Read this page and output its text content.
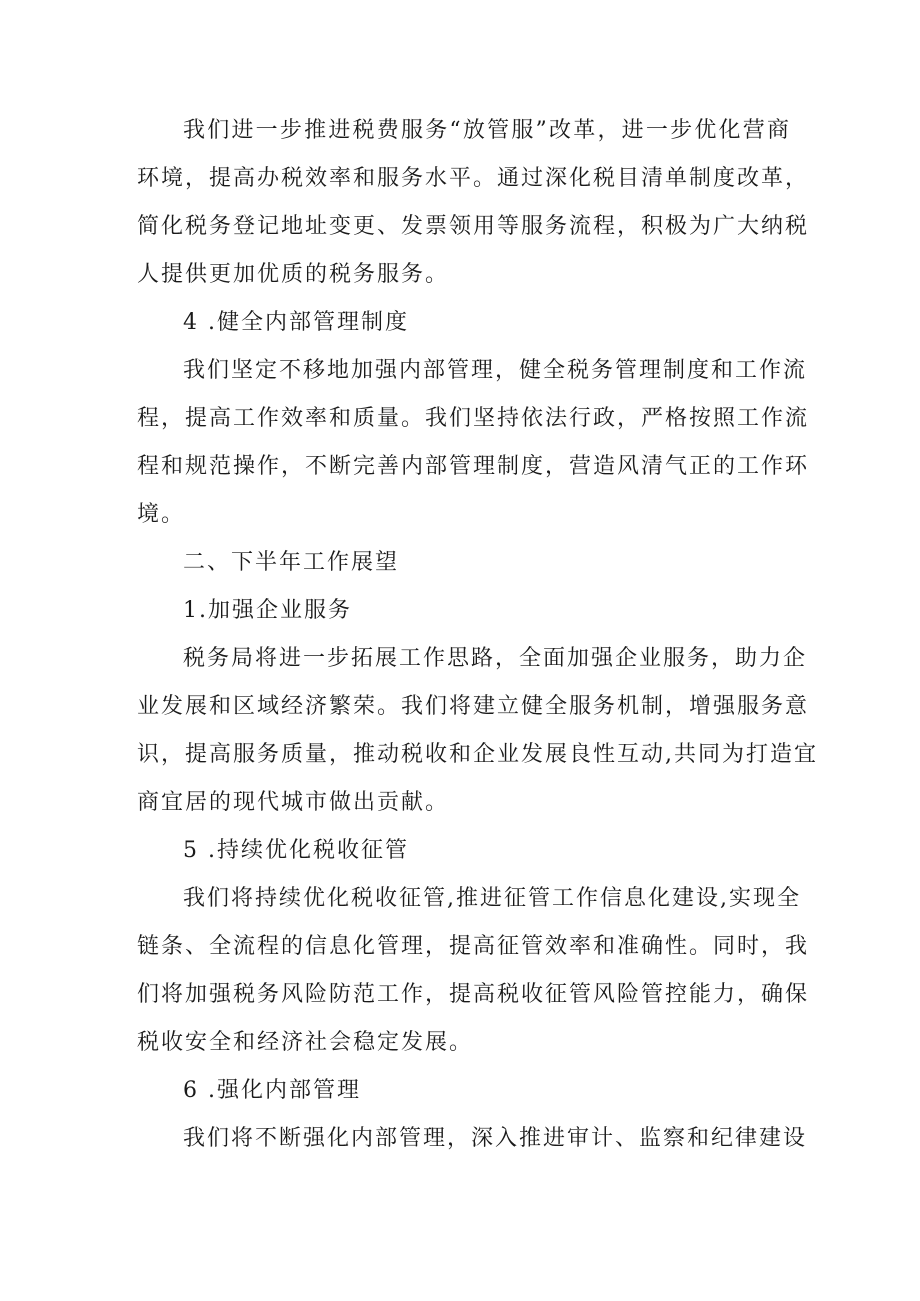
我们进一步推进税费服务“放管服”改革，进一步优化营商
环境，提高办税效率和服务水平。通过深化税目清单制度改革，
简化税务登记地址变更、发票领用等服务流程，积极为广大纳税
人提供更加优质的税务服务。
4 .健全内部管理制度
我们坚定不移地加强内部管理，健全税务管理制度和工作流
程，提高工作效率和质量。我们坚持依法行政，严格按照工作流
程和规范操作，不断完善内部管理制度，营造风清气正的工作环
境。
二、下半年工作展望
1.加强企业服务
税务局将进一步拓展工作思路，全面加强企业服务，助力企
业发展和区域经济繁荣。我们将建立健全服务机制，增强服务意
识，提高服务质量，推动税收和企业发展良性互动,共同为打造宜
商宜居的现代城市做出贡献。
5 .持续优化税收征管
我们将持续优化税收征管,推进征管工作信息化建设,实现全
链条、全流程的信息化管理，提高征管效率和准确性。同时，我
们将加强税务风险防范工作，提高税收征管风险管控能力，确保
税收安全和经济社会稳定发展。
6 .强化内部管理
我们将不断强化内部管理，深入推进审计、监察和纪律建设
